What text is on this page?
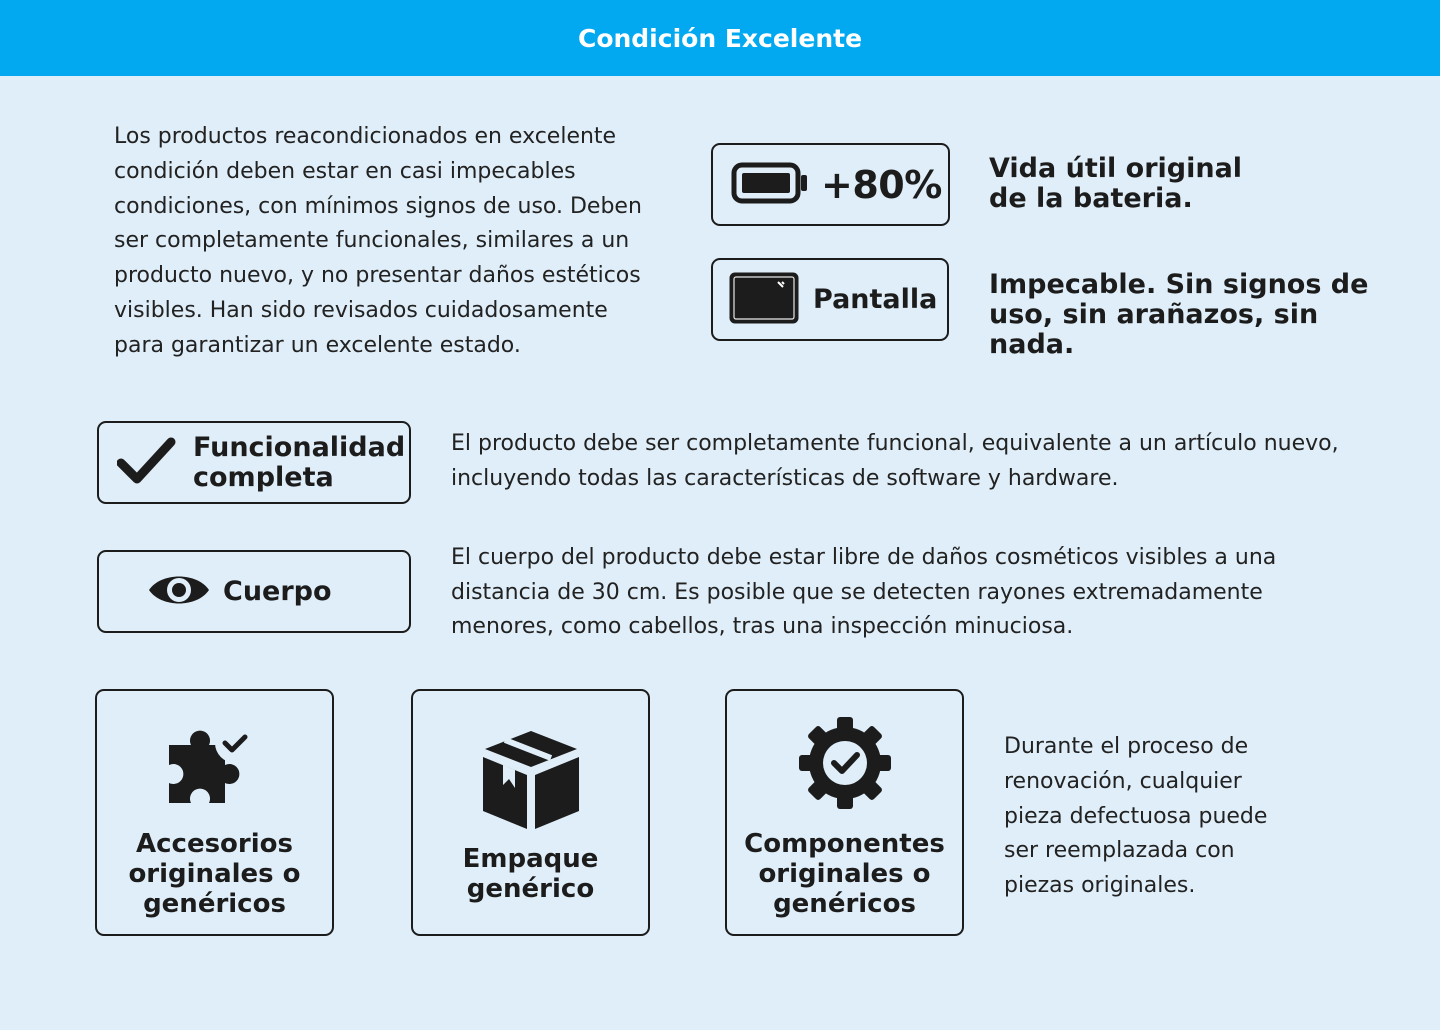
Condición Excelente

Los productos reacondicionados en excelente condición deben estar en casi impecables condiciones, con mínimos signos de uso. Deben ser completamente funcionales, similares a un producto nuevo, y no presentar daños estéticos visibles. Han sido revisados cuidadosamente para garantizar un excelente estado.

+80% Vida útil original
de la bateria.
Pantalla Impecable. Sin signos de
uso, sin arañazos, sin nada.
Funcionalidad
completa

El producto debe ser completamente funcional, equivalente a un artículo nuevo, incluyendo todas las características de software y hardware.

Cuerpo

El cuerpo del producto debe estar libre de daños cosméticos visibles a una distancia de 30 cm. Es posible que se detecten rayones extremadamente menores, como cabellos, tras una inspección minuciosa.

Accesorios
originales o
genéricos
Empaque
genérico
Componentes
originales o
genéricos

Durante el proceso de renovación, cualquier pieza defectuosa puede ser reemplazada con piezas originales.
